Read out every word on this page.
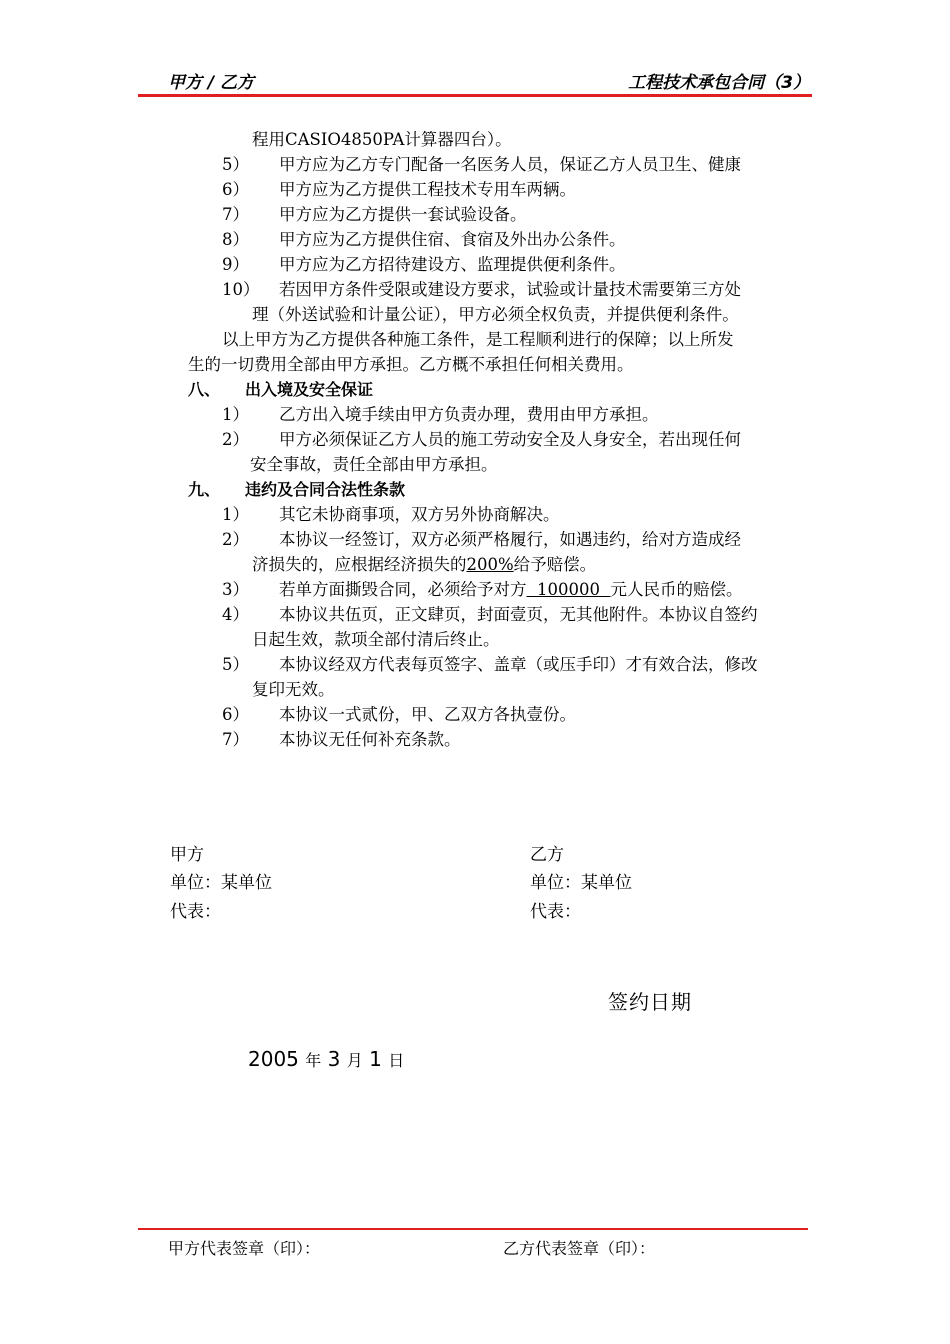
甲方 / 乙方	工程技术承包合同（3）
程用CASIO4850PA计算器四台）。
5） 甲方应为乙方专门配备一名医务人员，保证乙方人员卫生、健康
6） 甲方应为乙方提供工程技术专用车两辆。
7） 甲方应为乙方提供一套试验设备。
8） 甲方应为乙方提供住宿、食宿及外出办公条件。
9） 甲方应为乙方招待建设方、监理提供便利条件。
10） 若因甲方条件受限或建设方要求，试验或计量技术需要第三方处
理（外送试验和计量公证），甲方必须全权负责，并提供便利条件。
以上甲方为乙方提供各种施工条件，是工程顺利进行的保障；以上所发
生的一切费用全部由甲方承担。乙方概不承担任何相关费用。
八、 出入境及安全保证
1） 乙方出入境手续由甲方负责办理，费用由甲方承担。
2） 甲方必须保证乙方人员的施工劳动安全及人身安全，若出现任何
安全事故，责任全部由甲方承担。
九、 违约及合同合法性条款
1） 其它未协商事项，双方另外协商解决。
2） 本协议一经签订，双方必须严格履行，如遇违约，给对方造成经
济损失的，应根据经济损失的200%给予赔偿。
3） 若单方面撕毁合同，必须给予对方  100000  元人民币的赔偿。
4） 本协议共伍页，正文肆页，封面壹页，无其他附件。本协议自签约
日起生效，款项全部付清后终止。
5） 本协议经双方代表每页签字、盖章（或压手印）才有效合法，修改
复印无效。
6） 本协议一式贰份，甲、乙双方各执壹份。
7） 本协议无任何补充条款。
甲方
单位：某单位
代表：
乙方
单位：某单位
代表：
签约日期
2005 年 3 月 1 日
甲方代表签章（印）：	乙方代表签章（印）：
